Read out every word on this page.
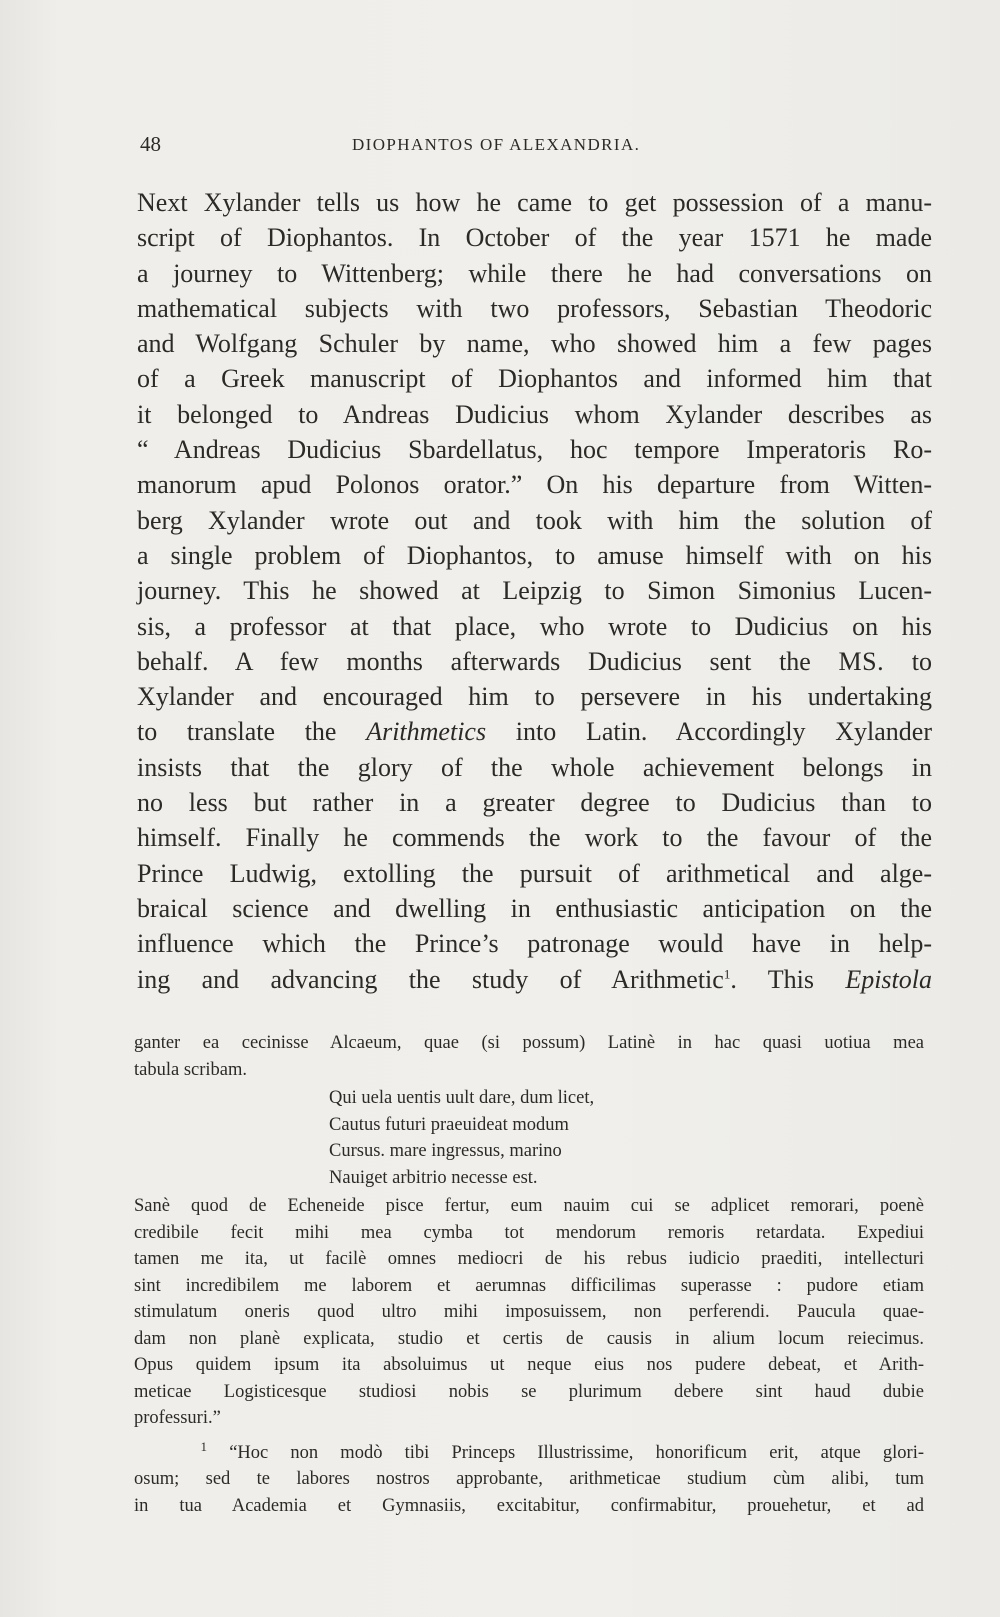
48	DIOPHANTOS OF ALEXANDRIA.
Next Xylander tells us how he came to get possession of a manu-
script of Diophantos. In October of the year 1571 he made
a journey to Wittenberg; while there he had conversations on
mathematical subjects with two professors, Sebastian Theodoric
and Wolfgang Schuler by name, who showed him a few pages
of a Greek manuscript of Diophantos and informed him that
it belonged to Andreas Dudicius whom Xylander describes as
“ Andreas Dudicius Sbardellatus, hoc tempore Imperatoris Ro-
manorum apud Polonos orator.” On his departure from Witten-
berg Xylander wrote out and took with him the solution of
a single problem of Diophantos, to amuse himself with on his
journey. This he showed at Leipzig to Simon Simonius Lucen-
sis, a professor at that place, who wrote to Dudicius on his
behalf. A few months afterwards Dudicius sent the MS. to
Xylander and encouraged him to persevere in his undertaking
to translate the Arithmetics into Latin. Accordingly Xylander
insists that the glory of the whole achievement belongs in
no less but rather in a greater degree to Dudicius than to
himself. Finally he commends the work to the favour of the
Prince Ludwig, extolling the pursuit of arithmetical and alge-
braical science and dwelling in enthusiastic anticipation on the
influence which the Prince’s patronage would have in help-
ing and advancing the study of Arithmetic$^1$. This Epistola
ganter ea cecinisse Alcaeum, quae (si possum) Latinè in hac quasi uotiua mea
tabula scribam.
Qui uela uentis uult dare, dum licet,
Cautus futuri praeuideat modum
Cursus. mare ingressus, marino
Nauiget arbitrio necesse est.
Sanè quod de Echeneide pisce fertur, eum nauim cui se adplicet remorari, poenè
credibile fecit mihi mea cymba tot mendorum remoris retardata. Expediui
tamen me ita, ut facilè omnes mediocri de his rebus iudicio praediti, intellecturi
sint incredibilem me laborem et aerumnas difficilimas superasse : pudore etiam
stimulatum oneris quod ultro mihi imposuissem, non perferendi. Paucula quae-
dam non planè explicata, studio et certis de causis in alium locum reiecimus.
Opus quidem ipsum ita absoluimus ut neque eius nos pudere debeat, et Arith-
meticae Logisticesque studiosi nobis se plurimum debere sint haud dubie
professuri.”
$^1$ “Hoc non modò tibi Princeps Illustrissime, honorificum erit, atque glori-
osum; sed te labores nostros approbante, arithmeticae studium cùm alibi, tum
in tua Academia et Gymnasiis, excitabitur, confirmabitur, prouehetur, et ad
